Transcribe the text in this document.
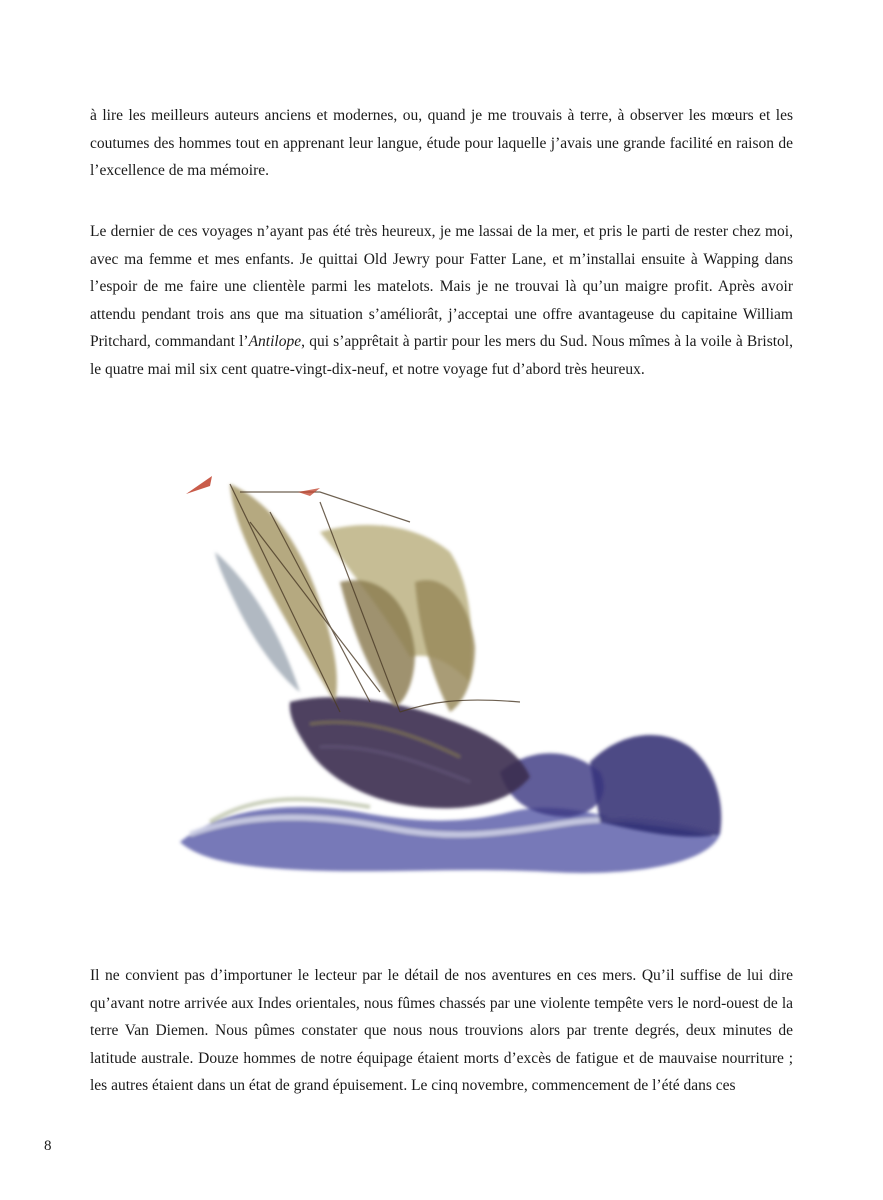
à lire les meilleurs auteurs anciens et modernes, ou, quand je me trouvais à terre, à observer les mœurs et les coutumes des hommes tout en apprenant leur langue, étude pour laquelle j’avais une grande facilité en raison de l’excellence de ma mémoire.

Le dernier de ces voyages n’ayant pas été très heureux, je me lassai de la mer, et pris le parti de rester chez moi, avec ma femme et mes enfants. Je quittai Old Jewry pour Fatter Lane, et m’installai ensuite à Wapping dans l’espoir de me faire une clientèle parmi les matelots. Mais je ne trouvai là qu’un maigre profit. Après avoir attendu pendant trois ans que ma situation s’améliorât, j’acceptai une offre avantageuse du capitaine William Pritchard, commandant l’Antilope, qui s’apprêtait à partir pour les mers du Sud. Nous mîmes à la voile à Bristol, le quatre mai mil six cent quatre-vingt-dix-neuf, et notre voyage fut d’abord très heureux.

Il ne convient pas d’importuner le lecteur par le détail de nos aventures en ces mers. Qu’il suffise de lui dire qu’avant notre arrivée aux Indes orientales, nous fûmes chassés par une violente tempête vers le nord-ouest de la terre Van Diemen. Nous pûmes constater que nous nous trouvions alors par trente degrés, deux minutes de latitude australe. Douze hommes de notre équipage étaient morts d’excès de fatigue et de mauvaise nourriture ; les autres étaient dans un état de grand épuisement. Le cinq novembre, commencement de l’été dans ces

8
